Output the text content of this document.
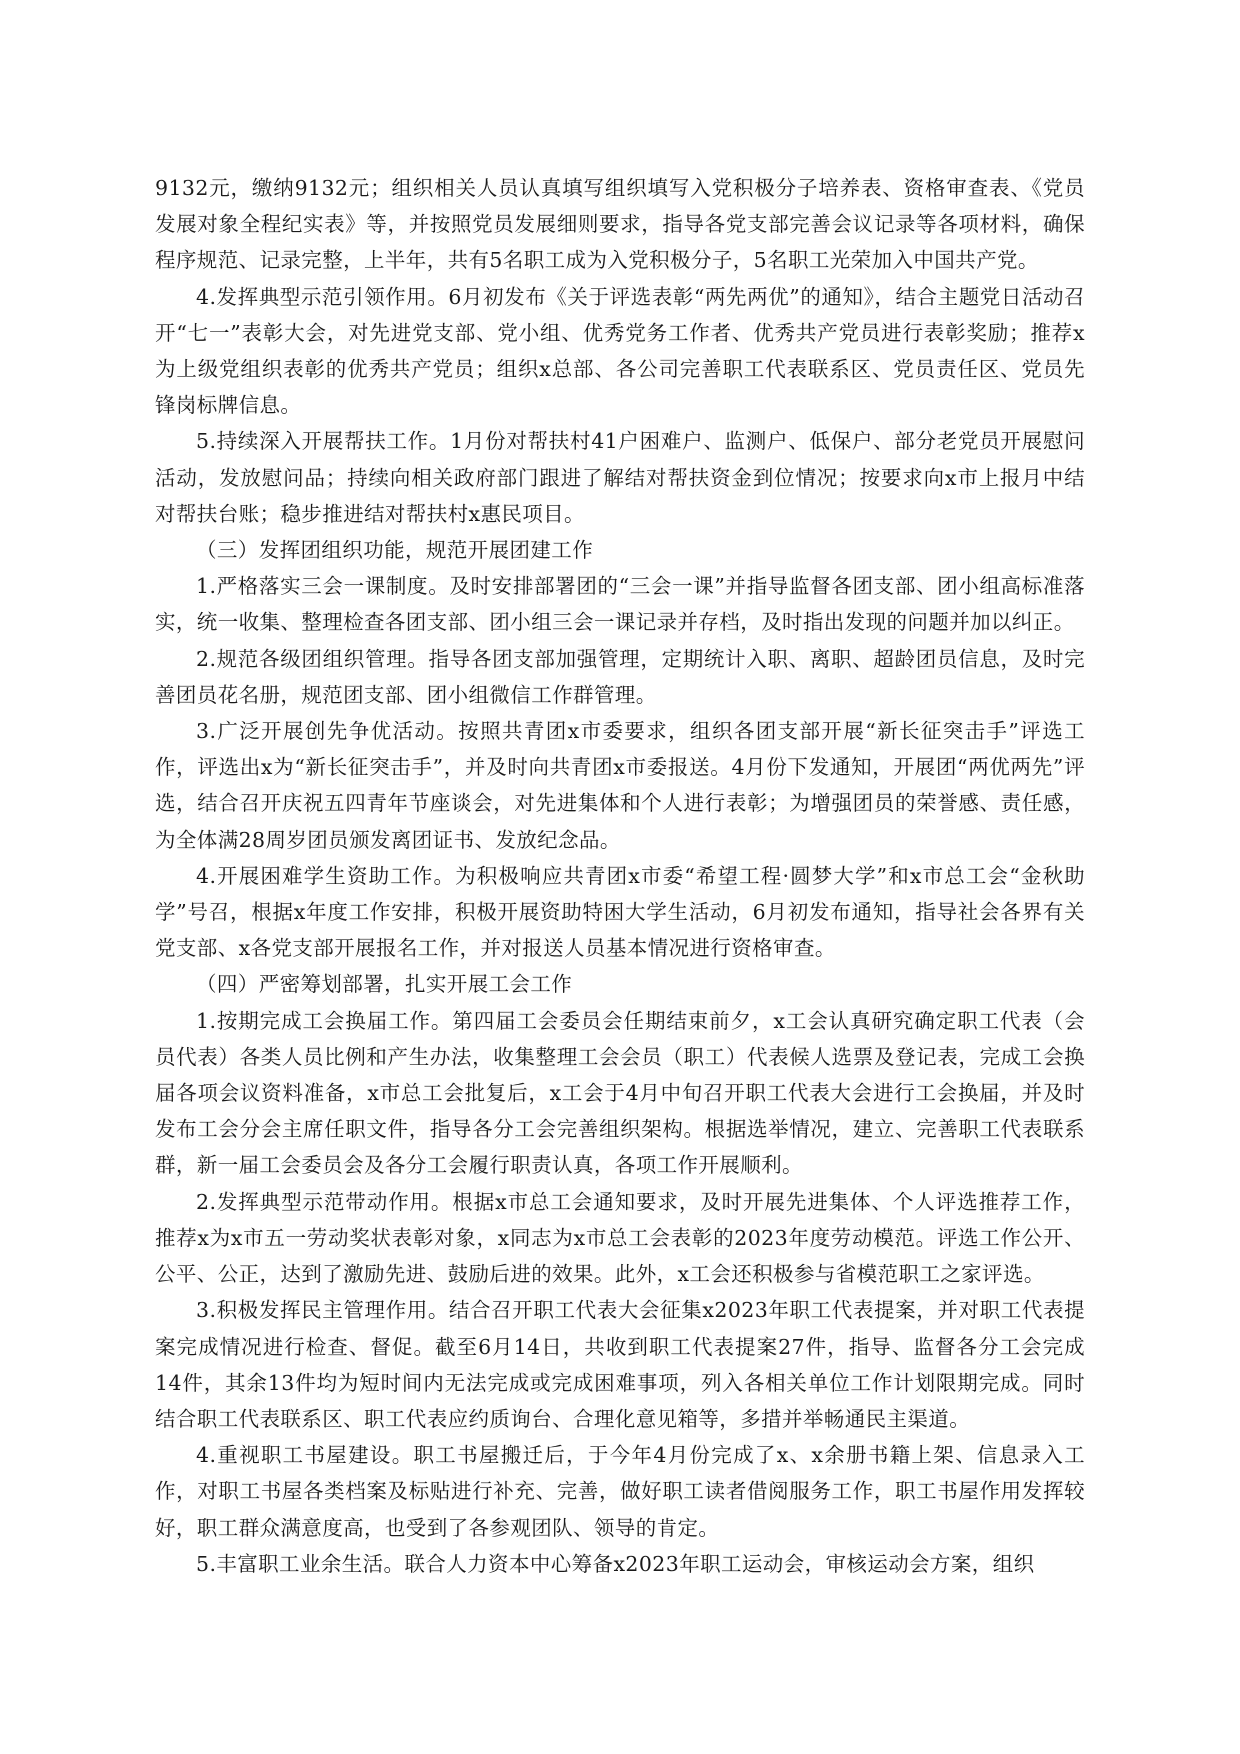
9132元，缴纳9132元；组织相关人员认真填写组织填写入党积极分子培养表、资格审查表、《党员发展对象全程纪实表》等，并按照党员发展细则要求，指导各党支部完善会议记录等各项材料，确保程序规范、记录完整，上半年，共有5名职工成为入党积极分子，5名职工光荣加入中国共产党。

4.发挥典型示范引领作用。6月初发布《关于评选表彰“两先两优”的通知》，结合主题党日活动召开“七一”表彰大会，对先进党支部、党小组、优秀党务工作者、优秀共产党员进行表彰奖励；推荐x为上级党组织表彰的优秀共产党员；组织x总部、各公司完善职工代表联系区、党员责任区、党员先锋岗标牌信息。

5.持续深入开展帮扶工作。1月份对帮扶村41户困难户、监测户、低保户、部分老党员开展慰问活动，发放慰问品；持续向相关政府部门跟进了解结对帮扶资金到位情况；按要求向x市上报月中结对帮扶台账；稳步推进结对帮扶村x惠民项目。

（三）发挥团组织功能，规范开展团建工作

1.严格落实三会一课制度。及时安排部署团的“三会一课”并指导监督各团支部、团小组高标准落实，统一收集、整理检查各团支部、团小组三会一课记录并存档，及时指出发现的问题并加以纠正。

2.规范各级团组织管理。指导各团支部加强管理，定期统计入职、离职、超龄团员信息，及时完善团员花名册，规范团支部、团小组微信工作群管理。

3.广泛开展创先争优活动。按照共青团x市委要求，组织各团支部开展“新长征突击手”评选工作，评选出x为“新长征突击手”，并及时向共青团x市委报送。4月份下发通知，开展团“两优两先”评选，结合召开庆祝五四青年节座谈会，对先进集体和个人进行表彰；为增强团员的荣誉感、责任感，为全体满28周岁团员颁发离团证书、发放纪念品。

4.开展困难学生资助工作。为积极响应共青团x市委“希望工程·圆梦大学”和x市总工会“金秋助学”号召，根据x年度工作安排，积极开展资助特困大学生活动，6月初发布通知，指导社会各界有关党支部、x各党支部开展报名工作，并对报送人员基本情况进行资格审查。

（四）严密筹划部署，扎实开展工会工作

1.按期完成工会换届工作。第四届工会委员会任期结束前夕，x工会认真研究确定职工代表（会员代表）各类人员比例和产生办法，收集整理工会会员（职工）代表候人选票及登记表，完成工会换届各项会议资料准备，x市总工会批复后，x工会于4月中旬召开职工代表大会进行工会换届，并及时发布工会分会主席任职文件，指导各分工会完善组织架构。根据选举情况，建立、完善职工代表联系群，新一届工会委员会及各分工会履行职责认真，各项工作开展顺利。

2.发挥典型示范带动作用。根据x市总工会通知要求，及时开展先进集体、个人评选推荐工作，推荐x为x市五一劳动奖状表彰对象，x同志为x市总工会表彰的2023年度劳动模范。评选工作公开、公平、公正，达到了激励先进、鼓励后进的效果。此外，x工会还积极参与省模范职工之家评选。

3.积极发挥民主管理作用。结合召开职工代表大会征集x2023年职工代表提案，并对职工代表提案完成情况进行检查、督促。截至6月14日，共收到职工代表提案27件，指导、监督各分工会完成14件，其余13件均为短时间内无法完成或完成困难事项，列入各相关单位工作计划限期完成。同时结合职工代表联系区、职工代表应约质询台、合理化意见箱等，多措并举畅通民主渠道。

4.重视职工书屋建设。职工书屋搬迁后，于今年4月份完成了x、x余册书籍上架、信息录入工作，对职工书屋各类档案及标贴进行补充、完善，做好职工读者借阅服务工作，职工书屋作用发挥较好，职工群众满意度高，也受到了各参观团队、领导的肯定。

5.丰富职工业余生活。联合人力资本中心筹备x2023年职工运动会，审核运动会方案，组织
